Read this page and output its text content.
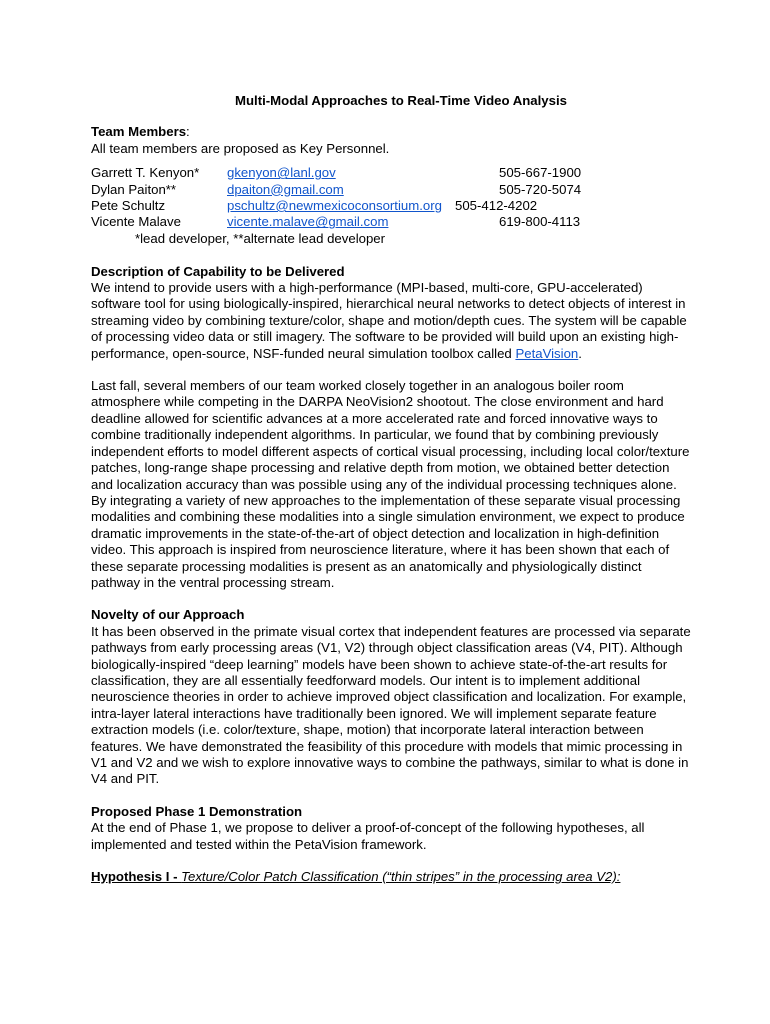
Multi-Modal Approaches to Real-Time Video Analysis
Team Members:
All team members are proposed as Key Personnel.
Garrett T. Kenyon* gkenyon@lanl.gov	505-667-1900
Dylan Paiton**	dpaiton@gmail.com	505-720-5074
Pete Schultz	pschultz@newmexicoconsortium.org 505-412-4202
Vicente Malave	vicente.malave@gmail.com	619-800-4113
*lead developer, **alternate lead developer
Description of Capability to be Delivered

We intend to provide users with a high-performance (MPI-based, multi-core, GPU-accelerated) software tool for using biologically-inspired, hierarchical neural networks to detect objects of interest in streaming video by combining texture/color, shape and motion/depth cues. The system will be capable of processing video data or still imagery. The software to be provided will build upon an existing high-performance, open-source, NSF-funded neural simulation toolbox called PetaVision.

Last fall, several members of our team worked closely together in an analogous boiler room atmosphere while competing in the DARPA NeoVision2 shootout. The close environment and hard deadline allowed for scientific advances at a more accelerated rate and forced innovative ways to combine traditionally independent algorithms. In particular, we found that by combining previously independent efforts to model different aspects of cortical visual processing, including local color/texture patches, long-range shape processing and relative depth from motion, we obtained better detection and localization accuracy than was possible using any of the individual processing techniques alone. By integrating a variety of new approaches to the implementation of these separate visual processing modalities and combining these modalities into a single simulation environment, we expect to produce dramatic improvements in the state-of-the-art of object detection and localization in high-definition video. This approach is inspired from neuroscience literature, where it has been shown that each of these separate processing modalities is present as an anatomically and physiologically distinct pathway in the ventral processing stream.

Novelty of our Approach

It has been observed in the primate visual cortex that independent features are processed via separate pathways from early processing areas (V1, V2) through object classification areas (V4, PIT). Although biologically-inspired “deep learning” models have been shown to achieve state-of-the-art results for classification, they are all essentially feedforward models. Our intent is to implement additional neuroscience theories in order to achieve improved object classification and localization. For example, intra-layer lateral interactions have traditionally been ignored. We will implement separate feature extraction models (i.e. color/texture, shape, motion) that incorporate lateral interaction between features. We have demonstrated the feasibility of this procedure with models that mimic processing in V1 and V2 and we wish to explore innovative ways to combine the pathways, similar to what is done in V4 and PIT.

Proposed Phase 1 Demonstration

At the end of Phase 1, we propose to deliver a proof-of-concept of the following hypotheses, all implemented and tested within the PetaVision framework.

Hypothesis I - Texture/Color Patch Classification (“thin stripes” in the processing area V2):
